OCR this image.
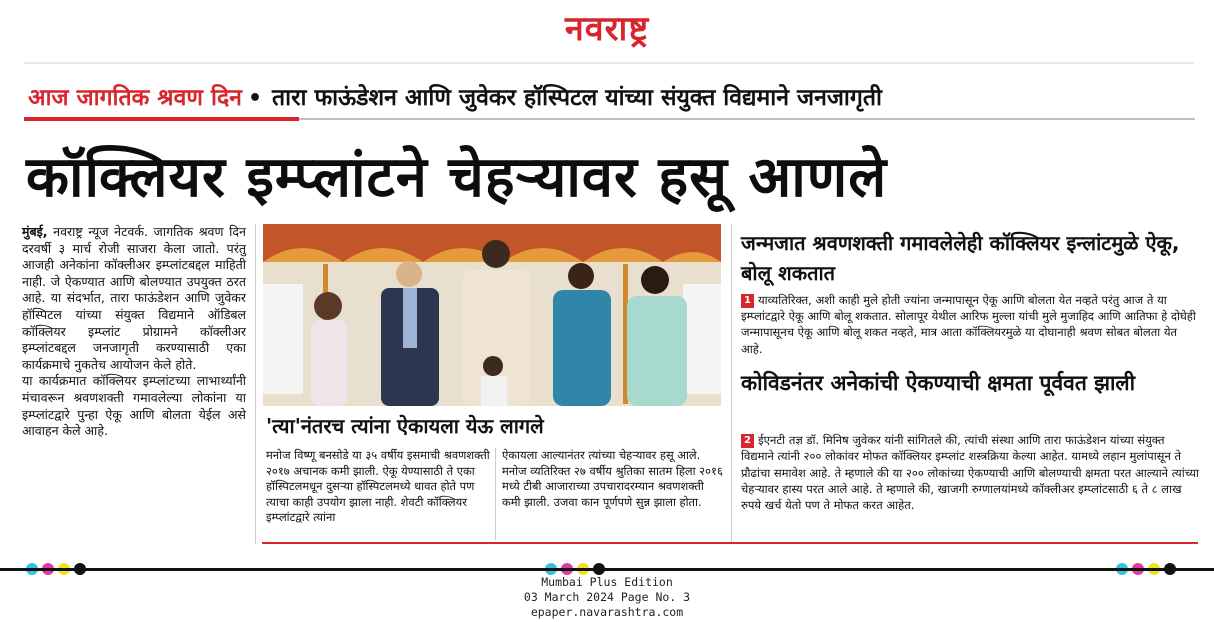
नवराष्ट्र
आज जागतिक श्रवण दिन • तारा फाऊंडेशन आणि जुवेकर हॉस्पिटल यांच्या संयुक्त विद्यमाने जनजागृती
कॉक्लियर इम्प्लांटने चेहऱ्यावर हसू आणले

मुंबई, नवराष्ट्र न्यूज नेटवर्क. जागतिक श्रवण दिन दरवर्षी ३ मार्च रोजी साजरा केला जातो. परंतु आजही अनेकांना कॉक्लीअर इम्प्लांटबद्दल माहिती नाही. जे ऐकण्यात आणि बोलण्यात उपयुक्त ठरत आहे. या संदर्भात, तारा फाऊंडेशन आणि जुवेकर हॉस्पिटल यांच्या संयुक्त विद्यमाने ऑडिबल कॉक्लियर इम्प्लांट प्रोग्रामने कॉक्लीअर इम्प्लांटबद्दल जनजागृती करण्यासाठी एका कार्यक्रमाचे नुकतेच आयोजन केले होते.

या कार्यक्रमात कॉक्लियर इम्प्लांटच्या लाभार्थ्यांनी मंचावरून श्रवणशक्ती गमावलेल्या लोकांना या इम्प्लांटद्वारे पुन्हा ऐकू आणि बोलता येईल असे आवाहन केले आहे.	'त्या'नंतरच त्यांना ऐकायला येऊ लागले
मनोज विष्णू बनसोडे या ३५ वर्षीय इसमाची श्रवणशक्ती २०१७ अचानक कमी झाली. ऐकू येण्यासाठी ते एका हॉस्पिटलमधून दुसऱ्या हॉस्पिटलमध्ये धावत होते पण त्याचा काही उपयोग झाला नाही. शेवटी कॉक्लियर इम्प्लांटद्वारे त्यांना
ऐकायला आल्यानंतर त्यांच्या चेहऱ्यावर हसू आले. मनोज व्यतिरिक्त २७ वर्षीय श्रुतिका सातम हिला २०१६ मध्ये टीबी आजाराच्या उपचारादरम्यान श्रवणशक्ती कमी झाली. उजवा कान पूर्णपणे सुन्न झाला होता.
जन्मजात श्रवणशक्ती गमावलेलेही कॉक्लियर इन्लांटमुळे ऐकू, बोलू शकतात
1 याव्यतिरिक्त, अशी काही मुले होती ज्यांना जन्मापासून ऐकू आणि बोलता येत नव्हते परंतु आज ते या इम्प्लांटद्वारे ऐकू आणि बोलू शकतात. सोलापूर येथील आरिफ मुल्ला यांची मुले मुजाहिद आणि आतिफा हे दोघेही जन्मापासूनच ऐकू आणि बोलू शकत नव्हते, मात्र आता कॉक्लियरमुळे या दोघानाही श्रवण सोबत बोलता येत आहे.
कोविडनंतर अनेकांची ऐकण्याची क्षमता पूर्ववत झाली
2 ईएनटी तज्ञ डॉ. मिनिष जुवेकर यांनी सांगितले की, त्यांची संस्था आणि तारा फाऊंडेशन यांच्या संयुक्त विद्यमाने त्यांनी २०० लोकांवर मोफत कॉक्लियर इम्प्लांट शस्त्रक्रिया केल्या आहेत. यामध्ये लहान मुलांपासून ते प्रौढांचा समावेश आहे. ते म्हणाले की या २०० लोकांच्या ऐकण्याची आणि बोलण्याची क्षमता परत आल्याने त्यांच्या चेहऱ्यावर हास्य परत आले आहे. ते म्हणाले की, खाजगी रुग्णालयांमध्ये कॉक्लीअर इम्प्लांटसाठी ६ ते ८ लाख रुपये खर्च येतो पण ते मोफत करत आहेत.
Mumbai Plus Edition
03 March 2024 Page No. 3
epaper.navarashtra.com
